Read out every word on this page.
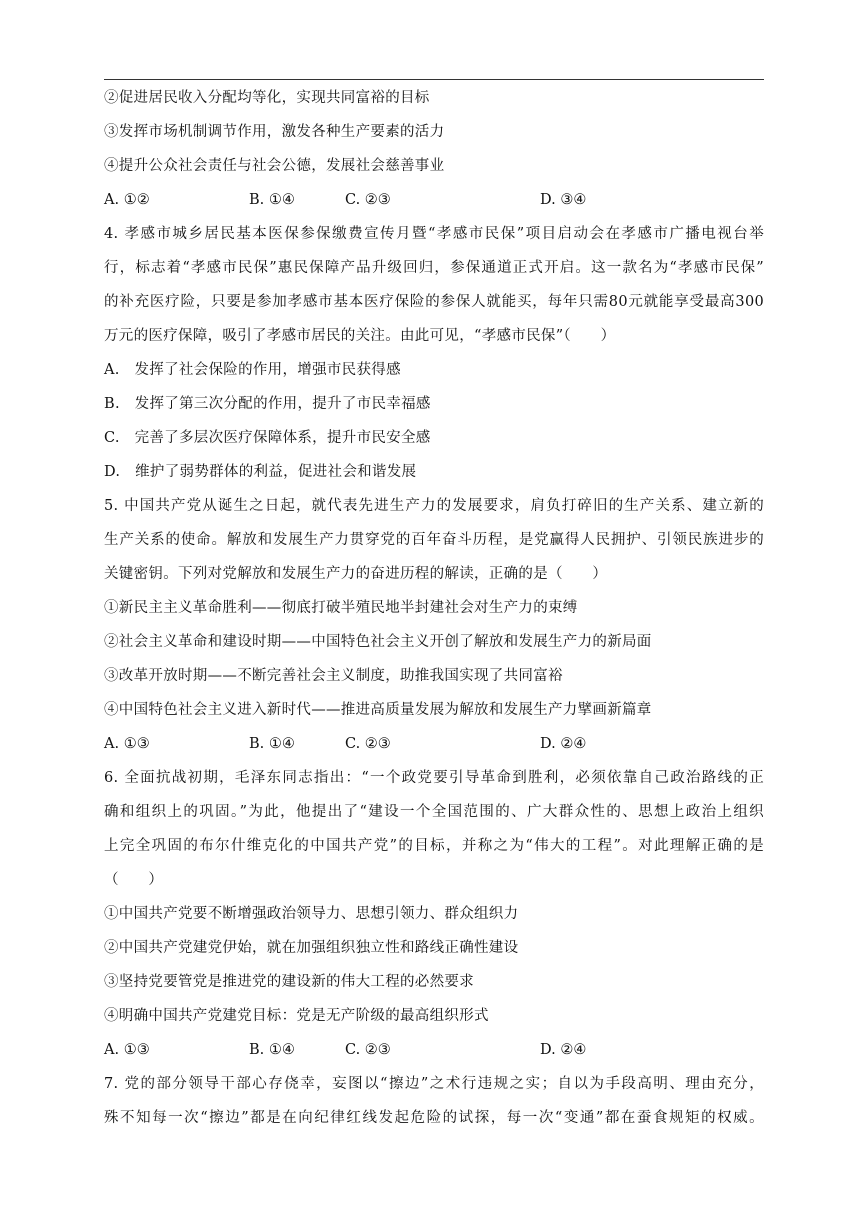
②促进居民收入分配均等化，实现共同富裕的目标
③发挥市场机制调节作用，激发各种生产要素的活力
④提升公众社会责任与社会公德，发展社会慈善事业
A. ①②	B. ①④	C. ②③	D. ③④
4. 孝感市城乡居民基本医保参保缴费宣传月暨“孝感市民保”项目启动会在孝感市广播电视台举
行，标志着“孝感市民保”惠民保障产品升级回归，参保通道正式开启。这一款名为“孝感市民保”
的补充医疗险，只要是参加孝感市基本医疗保险的参保人就能买，每年只需80元就能享受最高300
万元的医疗保障，吸引了孝感市居民的关注。由此可见，“孝感市民保”（　　）
A.　发挥了社会保险的作用，增强市民获得感
B.　发挥了第三次分配的作用，提升了市民幸福感
C.　完善了多层次医疗保障体系，提升市民安全感
D.　维护了弱势群体的利益，促进社会和谐发展
5. 中国共产党从诞生之日起，就代表先进生产力的发展要求，肩负打碎旧的生产关系、建立新的
生产关系的使命。解放和发展生产力贯穿党的百年奋斗历程，是党赢得人民拥护、引领民族进步的
关键密钥。下列对党解放和发展生产力的奋进历程的解读，正确的是（　　）
①新民主主义革命胜利——彻底打破半殖民地半封建社会对生产力的束缚
②社会主义革命和建设时期——中国特色社会主义开创了解放和发展生产力的新局面
③改革开放时期——不断完善社会主义制度，助推我国实现了共同富裕
④中国特色社会主义进入新时代——推进高质量发展为解放和发展生产力擘画新篇章
A. ①③	B. ①④	C. ②③	D. ②④
6. 全面抗战初期，毛泽东同志指出：“一个政党要引导革命到胜利，必须依靠自己政治路线的正
确和组织上的巩固。”为此，他提出了“建设一个全国范围的、广大群众性的、思想上政治上组织
上完全巩固的布尔什维克化的中国共产党”的目标，并称之为“伟大的工程”。对此理解正确的是
（　　）
①中国共产党要不断增强政治领导力、思想引领力、群众组织力
②中国共产党建党伊始，就在加强组织独立性和路线正确性建设
③坚持党要管党是推进党的建设新的伟大工程的必然要求
④明确中国共产党建党目标：党是无产阶级的最高组织形式
A. ①③	B. ①④	C. ②③	D. ②④
7. 党的部分领导干部心存侥幸，妄图以“擦边”之术行违规之实；自以为手段高明、理由充分，
殊不知每一次“擦边”都是在向纪律红线发起危险的试探，每一次“变通”都在蚕食规矩的权威。
